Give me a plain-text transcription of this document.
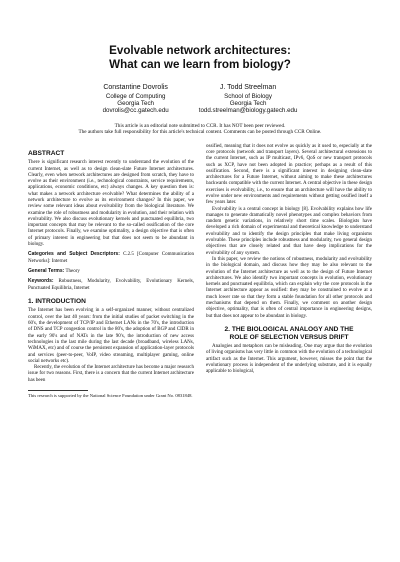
Evolvable network architectures:
What can we learn from biology?
Constantine Dovrolis
College of Computing
Georgia Tech
dovrolis@cc.gatech.edu
J. Todd Streelman
School of Biology
Georgia Tech
todd.streelman@biology.gatech.edu
This article is an editorial note submitted to CCR. It has NOT been peer reviewed.
The authors take full responsibility for this article's technical content. Comments can be posted through CCR Online.
ABSTRACT

There is significant research interest recently to understand the evolution of the current Internet, as well as to design clean-slate Future Internet architectures. Clearly, even when network architectures are designed from scratch, they have to evolve as their environment (i.e., technological constraints, service requirements, applications, economic conditions, etc) always changes. A key question then is: what makes a network architecture evolvable? What determines the ability of a network architecture to evolve as its environment changes? In this paper, we review some relevant ideas about evolvability from the biological literature. We examine the role of robustness and modularity in evolution, and their relation with evolvability. We also discuss evolutionary kernels and punctuated equilibria, two important concepts that may be relevant to the so-called ossification of the core Internet protocols. Finally, we examine optimality, a design objective that is often of primary interest in engineering but that does not seem to be abundant in biology.

Categories and Subject Descriptors: C.2.5 [Computer Communication Networks]: Internet

General Terms: Theory

Keywords: Robustness, Modularity, Evolvability, Evolutionary Kernels, Punctuated Equilibria, Internet

1. INTRODUCTION

The Internet has been evolving in a self-organized manner, without centralized control, over the last 40 years: from the initial studies of packet switching in the 60's, the development of TCP/IP and Ethernet LANs in the 70's, the introduction of DNS and TCP congestion control in the 80's, the adoption of BGP and CIDR in the early 90's and of NATs in the late 90's, the introduction of new access technologies in the last mile during the last decade (broadband, wireless LANs, WiMAX, etc) and of course the persistent expansion of application-layer protocols and services (peer-to-peer, VoIP, video streaming, multiplayer gaming, online social networks etc).

Recently, the evolution of the Internet architecture has become a major research issue for two reasons. First, there is a concern that the current Internet architecture has been

This research is supported by the National Science Foundation under Grant No. 0831848.

ossified, meaning that it does not evolve as quickly as it used to, especially at the core protocols (network and transport layers). Several architectural extensions to the current Internet, such as IP multicast, IPv6, QoS or new transport protocols such as XCP, have not been adopted in practice; perhaps as a result of this ossification. Second, there is a significant interest in designing clean-slate architectures for a Future Internet, without aiming to make these architectures backwards compatible with the current Internet. A central objective in these design exercises is evolvability, i.e., to ensure that an architecture will have the ability to evolve under new environments and requirements without getting ossified itself a few years later.

Evolvability is a central concept in biology [8]. Evolvability explains how life manages to generate dramatically novel phenotypes and complex behaviors from random genetic variations, in relatively short time scales. Biologists have developed a rich domain of experimental and theoretical knowledge to understand evolvability and to identify the design principles that make living organisms evolvable. These principles include robustness and modularity, two general design objectives that are closely related and that have deep implications for the evolvability of any system.

In this paper, we review the notions of robustness, modularity and evolvability in the biological domain, and discuss how they may be also relevant to the evolution of the Internet architecture as well as to the design of Future Internet architectures. We also identify two important concepts in evolution, evolutionary kernels and punctuated equilibria, which can explain why the core protocols in the Internet architecture appear as ossified: they may be constrained to evolve at a much lower rate so that they form a stable foundation for all other protocols and mechanisms that depend on them. Finally, we comment on another design objective, optimality, that is often of central importance in engineering designs, but that does not appear to be abundant in biology.

2. THE BIOLOGICAL ANALOGY AND THE
ROLE OF SELECTION VERSUS DRIFT

Analogies and metaphors can be misleading. One may argue that the evolution of living organisms has very little in common with the evolution of a technological artifact such as the Internet. This argument, however, misses the point that the evolutionary process is independent of the underlying substrate, and it is equally applicable to biological,
